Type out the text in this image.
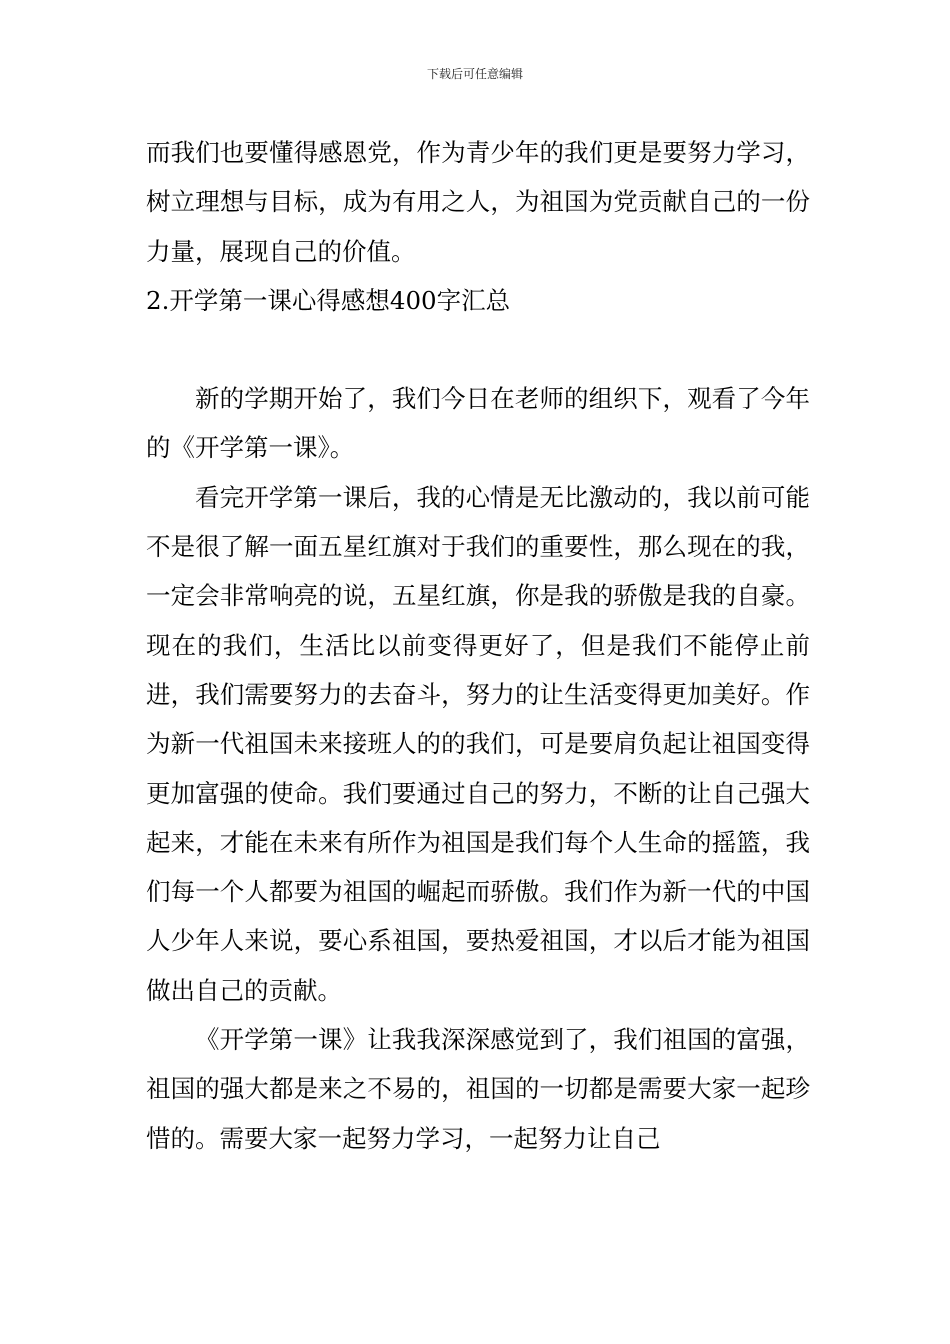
下载后可任意编辑

而我们也要懂得感恩党，作为青少年的我们更是要努力学习，树立理想与目标，成为有用之人，为祖国为党贡献自己的一份力量，展现自己的价值。

2.开学第一课心得感想400字汇总

新的学期开始了，我们今日在老师的组织下，观看了今年的《开学第一课》。

看完开学第一课后，我的心情是无比激动的，我以前可能不是很了解一面五星红旗对于我们的重要性，那么现在的我，一定会非常响亮的说，五星红旗，你是我的骄傲是我的自豪。现在的我们，生活比以前变得更好了，但是我们不能停止前进，我们需要努力的去奋斗，努力的让生活变得更加美好。作为新一代祖国未来接班人的的我们，可是要肩负起让祖国变得更加富强的使命。我们要通过自己的努力，不断的让自己强大起来，才能在未来有所作为祖国是我们每个人生命的摇篮，我们每一个人都要为祖国的崛起而骄傲。我们作为新一代的中国人少年人来说，要心系祖国，要热爱祖国，才以后才能为祖国做出自己的贡献。

《开学第一课》让我我深深感觉到了，我们祖国的富强，祖国的强大都是来之不易的，祖国的一切都是需要大家一起珍惜的。需要大家一起努力学习，一起努力让自己
